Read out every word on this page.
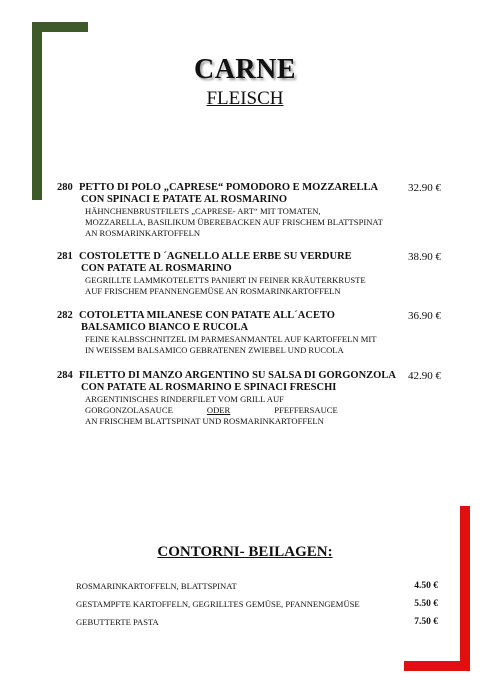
CARNE
FLEISCH
280 PETTO DI POLO „CAPRESE“ POMODORO E MOZZARELLA
CON SPINACI E PATATE AL ROSMARINO
HÄHNCHENBRUSTFILETS „CAPRESE- ART“ MIT TOMATEN,
MOZZARELLA, BASILIKUM ÜBEREBACKEN AUF FRISCHEM BLATTSPINAT
AN ROSMARINKARTOFFELN
32.90 €
281 COSTOLETTE D ´AGNELLO ALLE ERBE SU VERDURE
CON PATATE AL ROSMARINO
GEGRILLTE LAMMKOTELETTS PANIERT IN FEINER KRÄUTERKRUSTE
AUF FRISCHEM PFANNENGEMÜSE AN ROSMARINKARTOFFELN
38.90 €
282 COTOLETTA MILANESE CON PATATE ALL´ACETO
BALSAMICO BIANCO E RUCOLA
FEINE KALBSSCHNITZEL IM PARMESANMANTEL AUF KARTOFFELN MIT
IN WEISSEM BALSAMICO GEBRATENEN ZWIEBEL UND RUCOLA
36.90 €
284 FILETTO DI MANZO ARGENTINO SU SALSA DI GORGONZOLA
CON PATATE AL ROSMARINO E SPINACI FRESCHI
ARGENTINISCHES RINDERFILET VOM GRILL AUF
GORGONZOLASAUCE	ODER	PFEFFERSAUCE
AN FRISCHEM BLATTSPINAT UND ROSMARINKARTOFFELN
42.90 €
CONTORNI- BEILAGEN:
ROSMARINKARTOFFELN, BLATTSPINAT	4.50 €
GESTAMPFTE KARTOFFELN, GEGRILLTES GEMÜSE, PFANNENGEMÜSE	5.50 €
GEBUTTERTE PASTA	7.50 €
